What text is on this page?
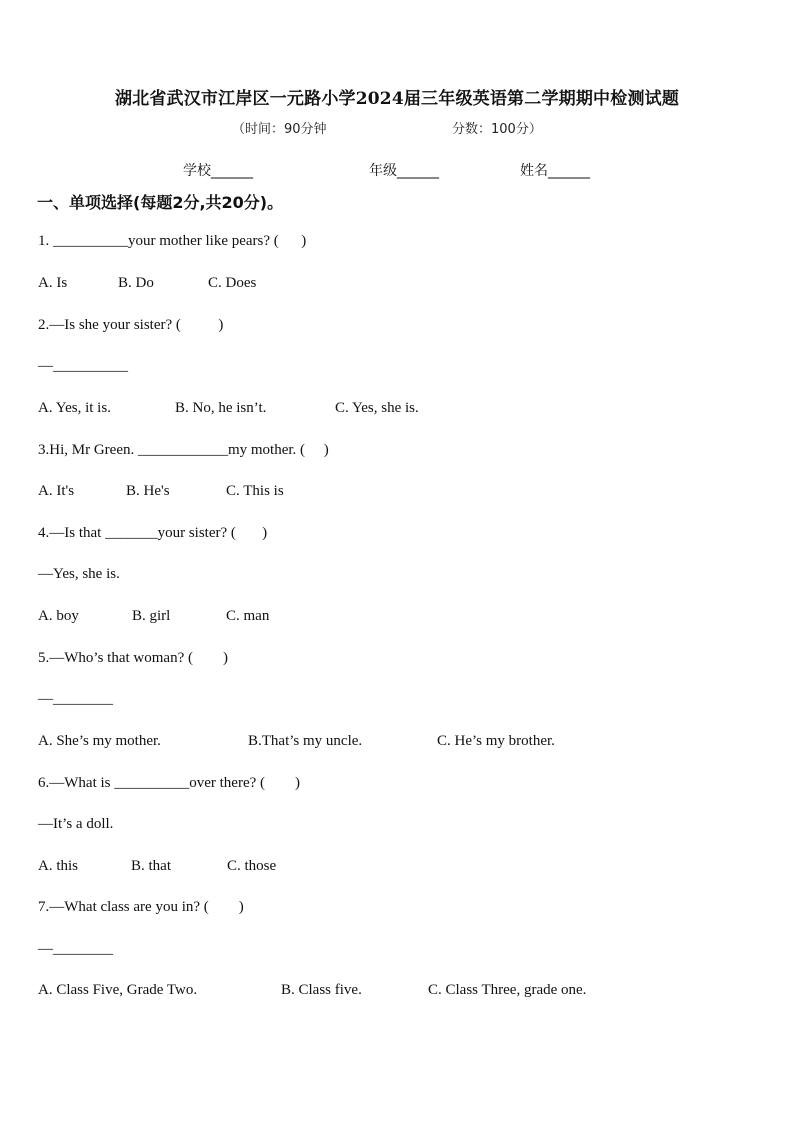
湖北省武汉市江岸区一元路小学2024届三年级英语第二学期期中检测试题
（时间：90分钟	分数：100分）
学校______	年级______	姓名______
一、单项选择(每题2分,共20分)。
1. __________your mother like pears? (      )
A. Is	B. Do	C. Does
2.—Is she your sister? (          )
—__________
A. Yes, it is.	B. No, he isn’t.	C. Yes, she is.
3.Hi, Mr Green. ____________my mother. (     )
A. It's	B. He's	C. This is
4.—Is that _______your sister? (       )
—Yes, she is.
A. boy	B. girl	C. man
5.—Who’s that woman? (        )
—________
A. She’s my mother.	B.That’s my uncle.	C. He’s my brother.
6.—What is __________over there? (        )
—It’s a doll.
A. this	B. that	C. those
7.—What class are you in? (        )
—________
A. Class Five, Grade Two.	B. Class five.	C. Class Three, grade one.
